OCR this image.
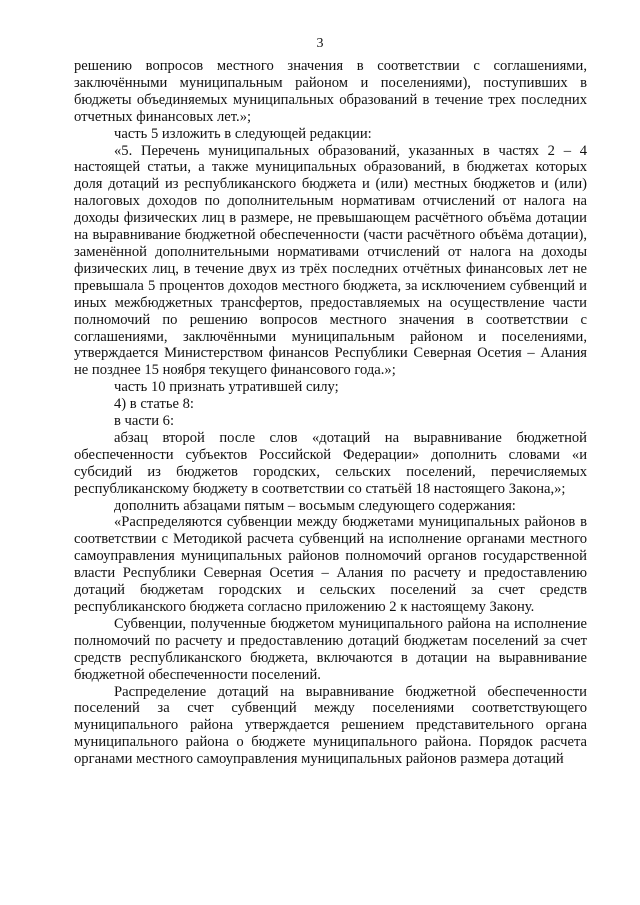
3

решению вопросов местного значения в соответствии с соглашениями, заключёнными муниципальным районом и поселениями), поступивших в бюджеты объединяемых муниципальных образований в течение трех последних отчетных финансовых лет.»;

часть 5 изложить в следующей редакции:

«5. Перечень муниципальных образований, указанных в частях 2 – 4 настоящей статьи, а также муниципальных образований, в бюджетах которых доля дотаций из республиканского бюджета и (или) местных бюджетов и (или) налоговых доходов по дополнительным нормативам отчислений от налога на доходы физических лиц в размере, не превышающем расчётного объёма дотации на выравнивание бюджетной обеспеченности (части расчётного объёма дотации), заменённой дополнительными нормативами отчислений от налога на доходы физических лиц, в течение двух из трёх последних отчётных финансовых лет не превышала 5 процентов доходов местного бюджета, за исключением субвенций и иных межбюджетных трансфертов, предоставляемых на осуществление части полномочий по решению вопросов местного значения в соответствии с соглашениями, заключёнными муниципальным районом и поселениями, утверждается Министерством финансов Республики Северная Осетия – Алания не позднее 15 ноября текущего финансового года.»;

часть 10 признать утратившей силу;

4) в статье 8:

в части 6:

абзац второй после слов «дотаций на выравнивание бюджетной обеспеченности субъектов Российской Федерации» дополнить словами «и субсидий из бюджетов городских, сельских поселений, перечисляемых республиканскому бюджету в соответствии со статьёй 18 настоящего Закона,»;

дополнить абзацами пятым – восьмым следующего содержания:

«Распределяются субвенции между бюджетами муниципальных районов в соответствии с Методикой расчета субвенций на исполнение органами местного самоуправления муниципальных районов полномочий органов государственной власти Республики Северная Осетия – Алания по расчету и предоставлению дотаций бюджетам городских и сельских поселений за счет средств республиканского бюджета согласно приложению 2 к настоящему Закону.

Субвенции, полученные бюджетом муниципального района на исполнение полномочий по расчету и предоставлению дотаций бюджетам поселений за счет средств республиканского бюджета, включаются в дотации на выравнивание бюджетной обеспеченности поселений.

Распределение дотаций на выравнивание бюджетной обеспеченности поселений за счет субвенций между поселениями соответствующего муниципального района утверждается решением представительного органа муниципального района о бюджете муниципального района. Порядок расчета органами местного самоуправления муниципальных районов размера дотаций
